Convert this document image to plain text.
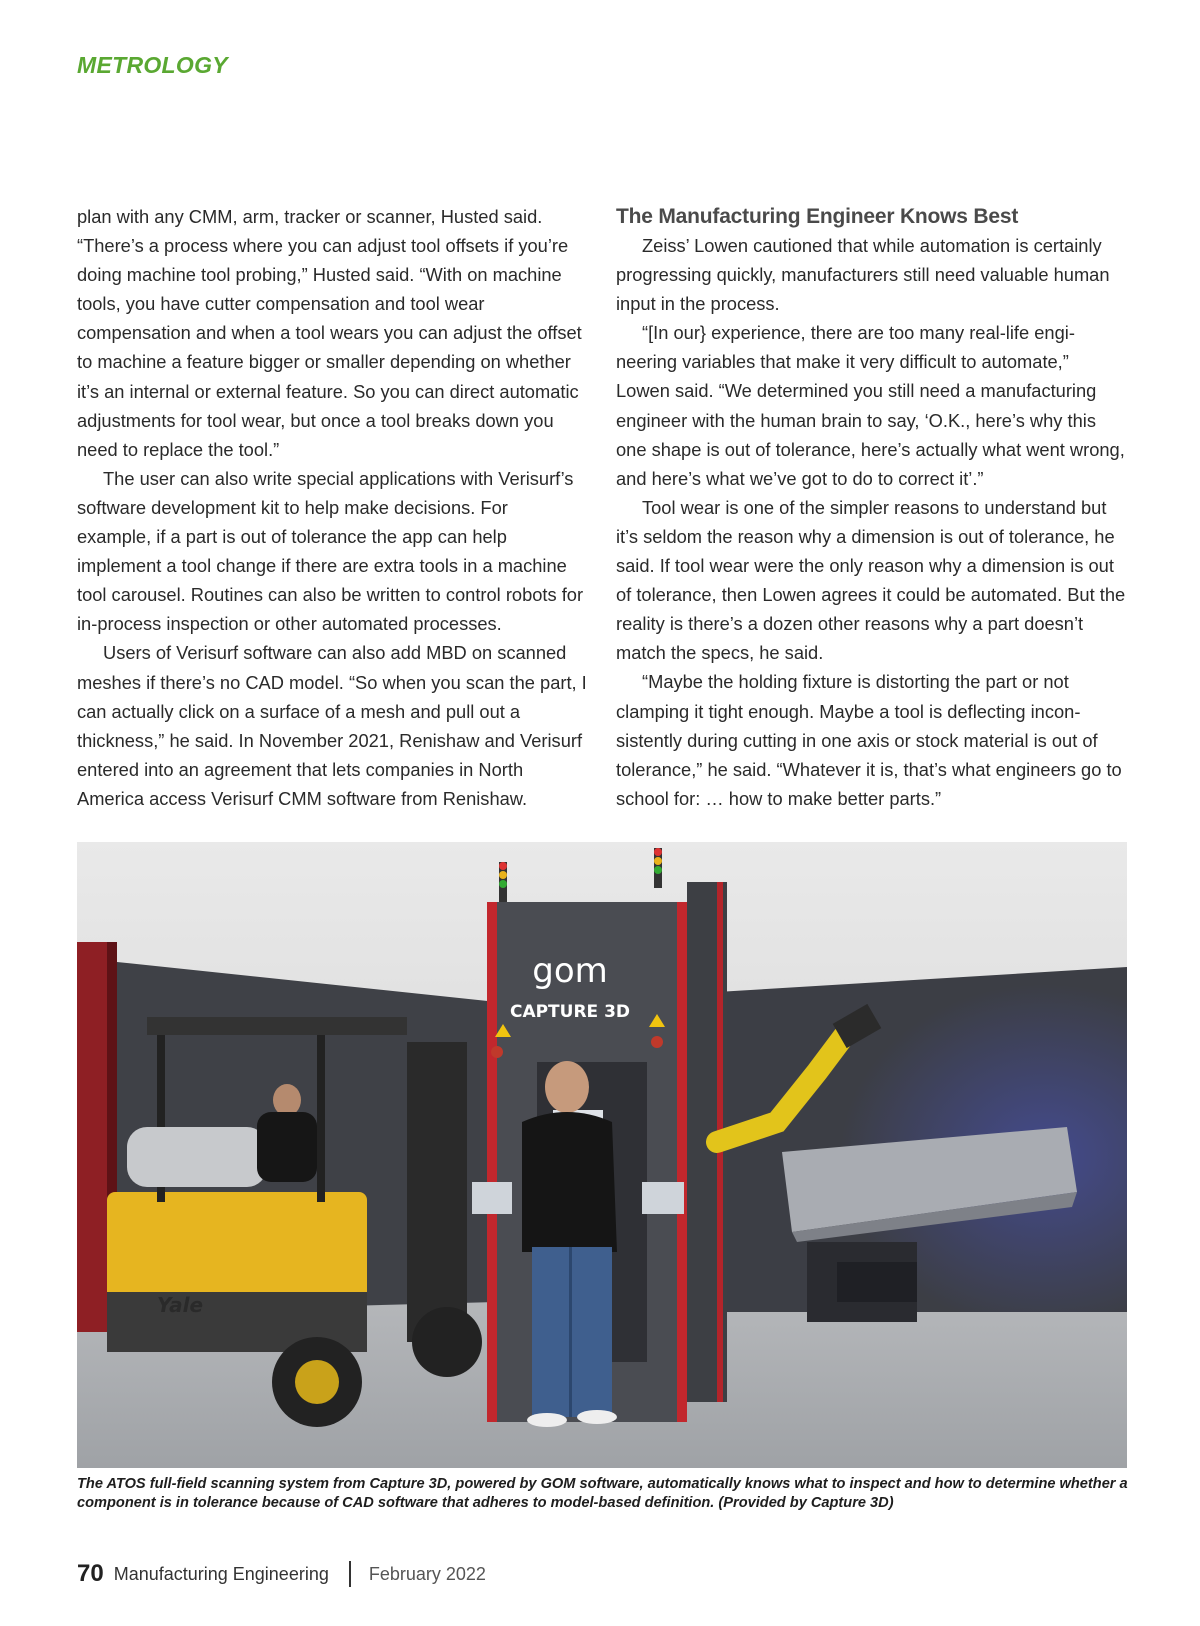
METROLOGY

plan with any CMM, arm, tracker or scanner, Husted said. “There’s a process where you can adjust tool offsets if you’re doing machine tool probing,” Husted said. “With on machine tools, you have cutter compensation and tool wear compensation and when a tool wears you can adjust the offset to machine a feature bigger or smaller depending on whether it’s an internal or external feature. So you can direct automatic adjustments for tool wear, but once a tool breaks down you need to replace the tool.”

The user can also write special applications with Verisurf’s software development kit to help make decisions. For example, if a part is out of tolerance the app can help implement a tool change if there are extra tools in a machine tool carousel. Routines can also be written to control robots for in-process inspection or other automated processes.

Users of Verisurf software can also add MBD on scanned meshes if there’s no CAD model. “So when you scan the part, I can actually click on a surface of a mesh and pull out a thickness,” he said. In November 2021, Renishaw and Verisurf entered into an agreement that lets companies in North America access Verisurf CMM software from Renishaw.

The Manufacturing Engineer Knows Best

Zeiss’ Lowen cautioned that while automation is certainly progressing quickly, manufacturers still need valuable human input in the process.

“[In our} experience, there are too many real-life engineering variables that make it very difficult to automate,” Lowen said. “We determined you still need a manufacturing engineer with the human brain to say, ‘O.K., here’s why this one shape is out of tolerance, here’s actually what went wrong, and here’s what we’ve got to do to correct it’.”

Tool wear is one of the simpler reasons to understand but it’s seldom the reason why a dimension is out of tolerance, he said. If tool wear were the only reason why a dimension is out of tolerance, then Lowen agrees it could be automated. But the reality is there’s a dozen other reasons why a part doesn’t match the specs, he said.

“Maybe the holding fixture is distorting the part or not clamping it tight enough. Maybe a tool is deflecting inconsistently during cutting in one axis or stock material is out of tolerance,” he said. “Whatever it is, that’s what engineers go to school for: … how to make better parts.”

gom
CAPTURE 3D
Yale
The ATOS full-field scanning system from Capture 3D, powered by GOM software, automatically knows what to inspect and how to determine whether a component is in tolerance because of CAD software that adheres to model-based definition. (Provided by Capture 3D)
70 Manufacturing Engineering February 2022
